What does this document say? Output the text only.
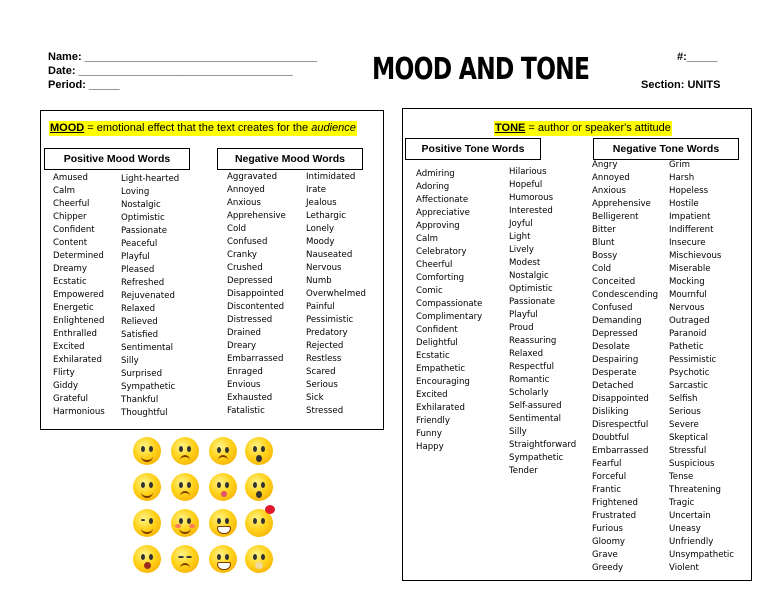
Name: ______________________________________
Date: ___________________________________
Period: _____	MOOD AND TONE	#:_____
Section: UNITS
MOOD = emotional effect that the text creates for the audience
Positive Mood Words	Negative Mood Words
Amused
Calm
Cheerful
Chipper
Confident
Content
Determined
Dreamy
Ecstatic
Empowered
Energetic
Enlightened
Enthralled
Excited
Exhilarated
Flirty
Giddy
Grateful
Harmonious
Light-hearted
Loving
Nostalgic
Optimistic
Passionate
Peaceful
Playful
Pleased
Refreshed
Rejuvenated
Relaxed
Relieved
Satisfied
Sentimental
Silly
Surprised
Sympathetic
Thankful
Thoughtful
Aggravated
Annoyed
Anxious
Apprehensive
Cold
Confused
Cranky
Crushed
Depressed
Disappointed
Discontented
Distressed
Drained
Dreary
Embarrassed
Enraged
Envious
Exhausted
Fatalistic
Intimidated
Irate
Jealous
Lethargic
Lonely
Moody
Nauseated
Nervous
Numb
Overwhelmed
Painful
Pessimistic
Predatory
Rejected
Restless
Scared
Serious
Sick
Stressed
TONE = author or speaker's attitude
Positive Tone Words	Negative Tone Words
Admiring
Adoring
Affectionate
Appreciative
Approving
Calm
Celebratory
Cheerful
Comforting
Comic
Compassionate
Complimentary
Confident
Delightful
Ecstatic
Empathetic
Encouraging
Excited
Exhilarated
Friendly
Funny
Happy
Hilarious
Hopeful
Humorous
Interested
Joyful
Light
Lively
Modest
Nostalgic
Optimistic
Passionate
Playful
Proud
Reassuring
Relaxed
Respectful
Romantic
Scholarly
Self-assured
Sentimental
Silly
Straightforward
Sympathetic
Tender
Angry
Annoyed
Anxious
Apprehensive
Belligerent
Bitter
Blunt
Bossy
Cold
Conceited
Condescending
Confused
Demanding
Depressed
Desolate
Despairing
Desperate
Detached
Disappointed
Disliking
Disrespectful
Doubtful
Embarrassed
Fearful
Forceful
Frantic
Frightened
Frustrated
Furious
Gloomy
Grave
Greedy
Grim
Harsh
Hopeless
Hostile
Impatient
Indifferent
Insecure
Mischievous
Miserable
Mocking
Mournful
Nervous
Outraged
Paranoid
Pathetic
Pessimistic
Psychotic
Sarcastic
Selfish
Serious
Severe
Skeptical
Stressful
Suspicious
Tense
Threatening
Tragic
Uncertain
Uneasy
Unfriendly
Unsympathetic
Violent
